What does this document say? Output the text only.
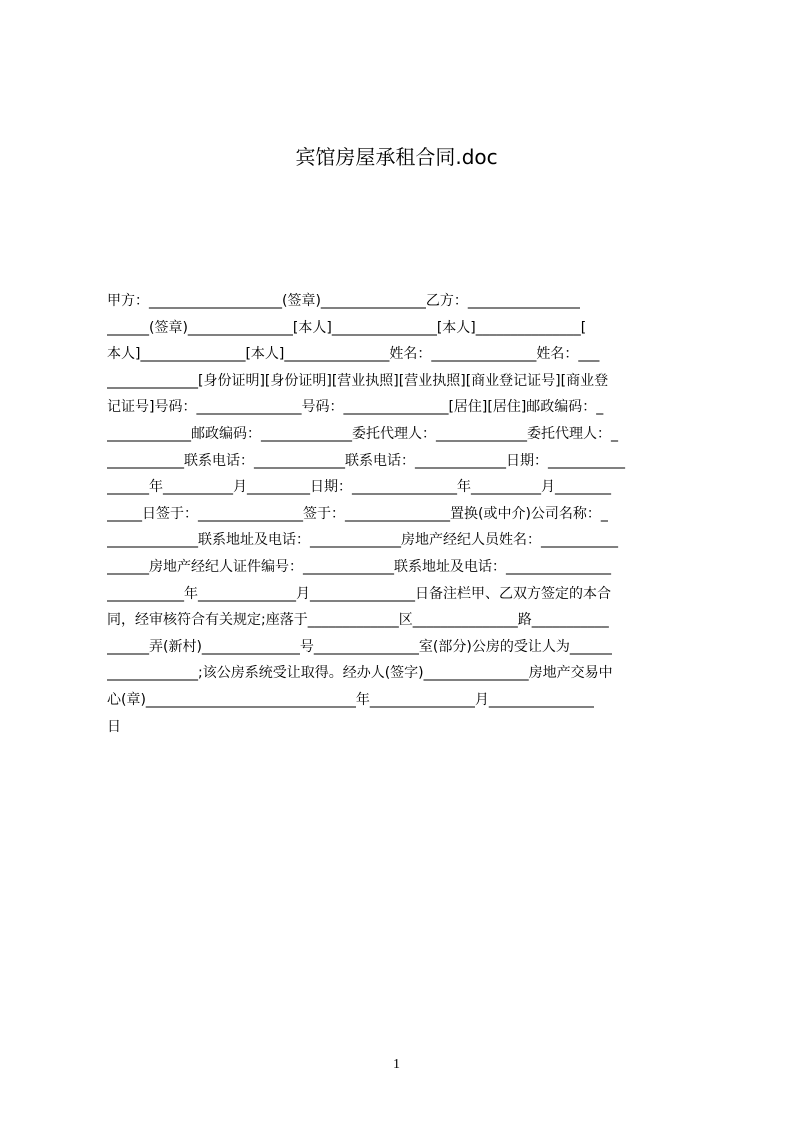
宾馆房屋承租合同.doc
甲方：___________________(签章)_______________乙方：________________
______(签章)_______________[本人]_______________[本人]_______________[
本人]_______________[本人]_______________姓名：_______________姓名：___
_____________[身份证明][身份证明][营业执照][营业执照][商业登记证号][商业登
记证号]号码：_______________号码：_______________[居住][居住]邮政编码：_
____________邮政编码：_____________委托代理人：_____________委托代理人：_
___________联系电话：_____________联系电话：_____________日期：___________
______年__________月_________日期：_______________年__________月________
_____日签于：_______________签于：_______________置换(或中介)公司名称：_
_____________联系地址及电话：_____________房地产经纪人员姓名：___________
______房地产经纪人证件编号：_____________联系地址及电话：_______________
___________年______________月_______________日备注栏甲、乙双方签定的本合
同，经审核符合有关规定;座落于_____________区_______________路___________
______弄(新村)______________号_______________室(部分)公房的受让人为______
_____________;该公房系统受让取得。经办人(签字)_______________房地产交易中
心(章)______________________________年_______________月_______________
日
1
